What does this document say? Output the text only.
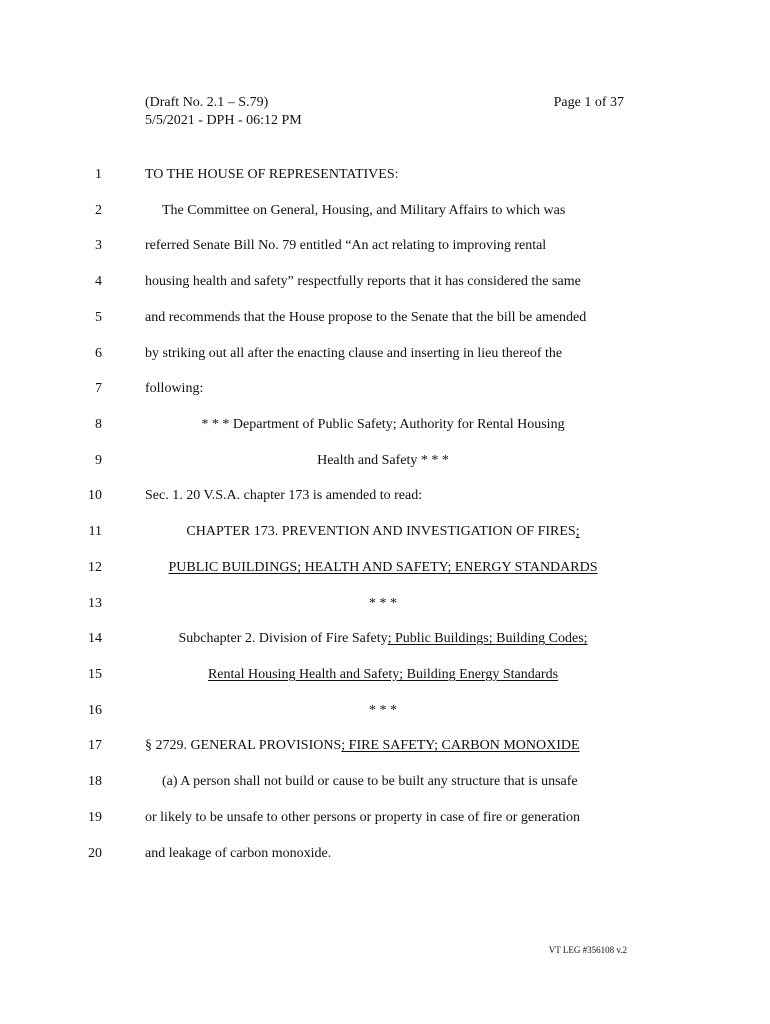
(Draft No. 2.1 – S.79)
5/5/2021 - DPH - 06:12 PM
Page 1 of 37
1	TO THE HOUSE OF REPRESENTATIVES:
2	The Committee on General, Housing, and Military Affairs to which was
3	referred Senate Bill No. 79 entitled “An act relating to improving rental
4	housing health and safety” respectfully reports that it has considered the same
5	and recommends that the House propose to the Senate that the bill be amended
6	by striking out all after the enacting clause and inserting in lieu thereof the
7	following:
8	* * * Department of Public Safety; Authority for Rental Housing
9	Health and Safety * * *
10	Sec. 1. 20 V.S.A. chapter 173 is amended to read:
11	CHAPTER 173. PREVENTION AND INVESTIGATION OF FIRES;
12	PUBLIC BUILDINGS; HEALTH AND SAFETY; ENERGY STANDARDS
13	* * *
14	Subchapter 2. Division of Fire Safety; Public Buildings; Building Codes;
15	Rental Housing Health and Safety; Building Energy Standards
16	* * *
17	§ 2729. GENERAL PROVISIONS; FIRE SAFETY; CARBON MONOXIDE
18	(a) A person shall not build or cause to be built any structure that is unsafe
19	or likely to be unsafe to other persons or property in case of fire or generation
20	and leakage of carbon monoxide.
VT LEG #356108 v.2
